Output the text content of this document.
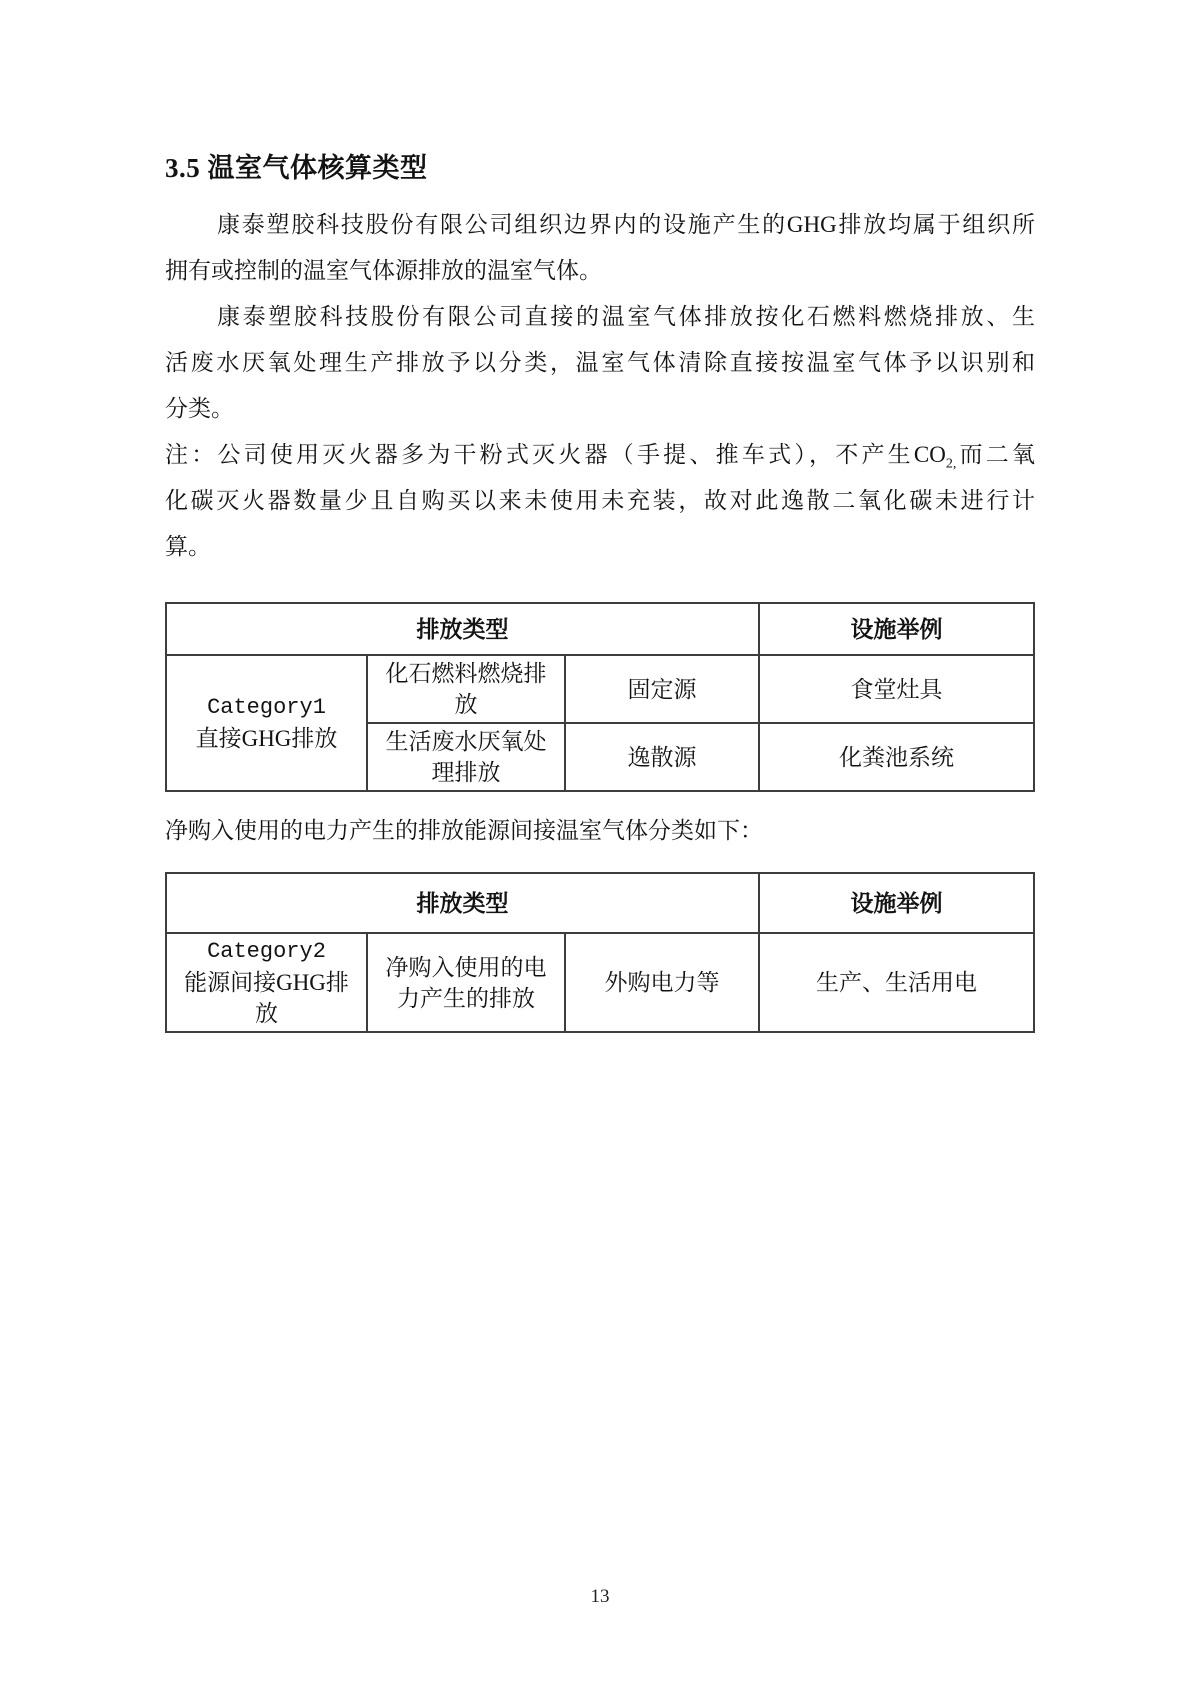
3.5 温室气体核算类型
康泰塑胶科技股份有限公司组织边界内的设施产生的GHG排放均属于组织所
拥有或控制的温室气体源排放的温室气体。
康泰塑胶科技股份有限公司直接的温室气体排放按化石燃料燃烧排放、生
活废水厌氧处理生产排放予以分类，温室气体清除直接按温室气体予以识别和
分类。
注：公司使用灭火器多为干粉式灭火器（手提、推车式），不产生$CO_{2,}$而二氧
化碳灭火器数量少且自购买以来未使用未充装，故对此逸散二氧化碳未进行计
算。
排放类型			设施举例

Category1
直接GHG排放	化石燃料燃烧排放	固定源	食堂灶具
	生活废水厌氧处理排放	逸散源	化粪池系统
净购入使用的电力产生的排放能源间接温室气体分类如下：
排放类型			设施举例

Category2
能源间接GHG排放	净购入使用的电力产生的排放	外购电力等	生产、生活用电
13
